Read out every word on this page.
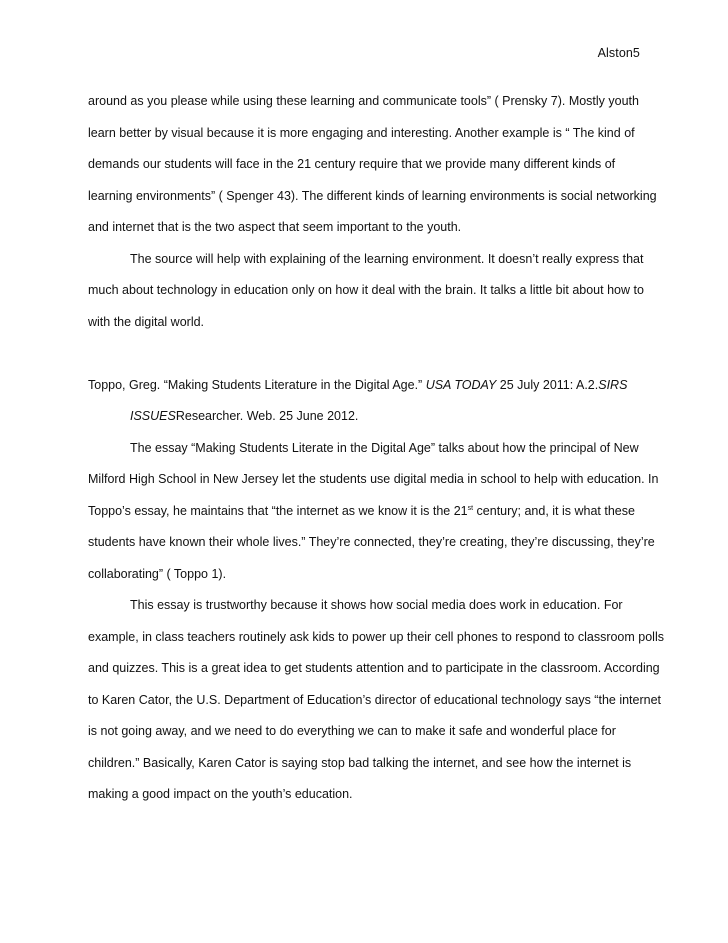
Alston5
around as you please while using these learning and communicate tools” ( Prensky 7). Mostly youth
learn better by visual because it is more engaging and interesting. Another example is “ The kind of
demands our students will face in the 21 century require that we provide many different kinds of
learning environments” ( Spenger 43). The different kinds of learning environments is social networking
and internet that is the two aspect that seem important to the youth.
The source will help with explaining of the learning environment. It doesn’t really express that
much about technology in education only on how it deal with the brain. It talks a little bit about how to
with the digital world.
Toppo, Greg. “Making Students Literature in the Digital Age.” USA TODAY 25 July 2011: A.2.SIRS
ISSUESResearcher. Web. 25 June 2012.
The essay “Making Students Literate in the Digital Age” talks about how the principal of New
Milford High School in New Jersey let the students use digital media in school to help with education. In
Toppo’s essay, he maintains that “the internet as we know it is the 21st century; and, it is what these
students have known their whole lives.” They’re connected, they’re creating, they’re discussing, they’re
collaborating” ( Toppo 1).
This essay is trustworthy because it shows how social media does work in education. For
example, in class teachers routinely ask kids to power up their cell phones to respond to classroom polls
and quizzes. This is a great idea to get students attention and to participate in the classroom. According
to Karen Cator, the U.S. Department of Education’s director of educational technology says “the internet
is not going away, and we need to do everything we can to make it safe and wonderful place for
children.” Basically, Karen Cator is saying stop bad talking the internet, and see how the internet is
making a good impact on the youth’s education.
